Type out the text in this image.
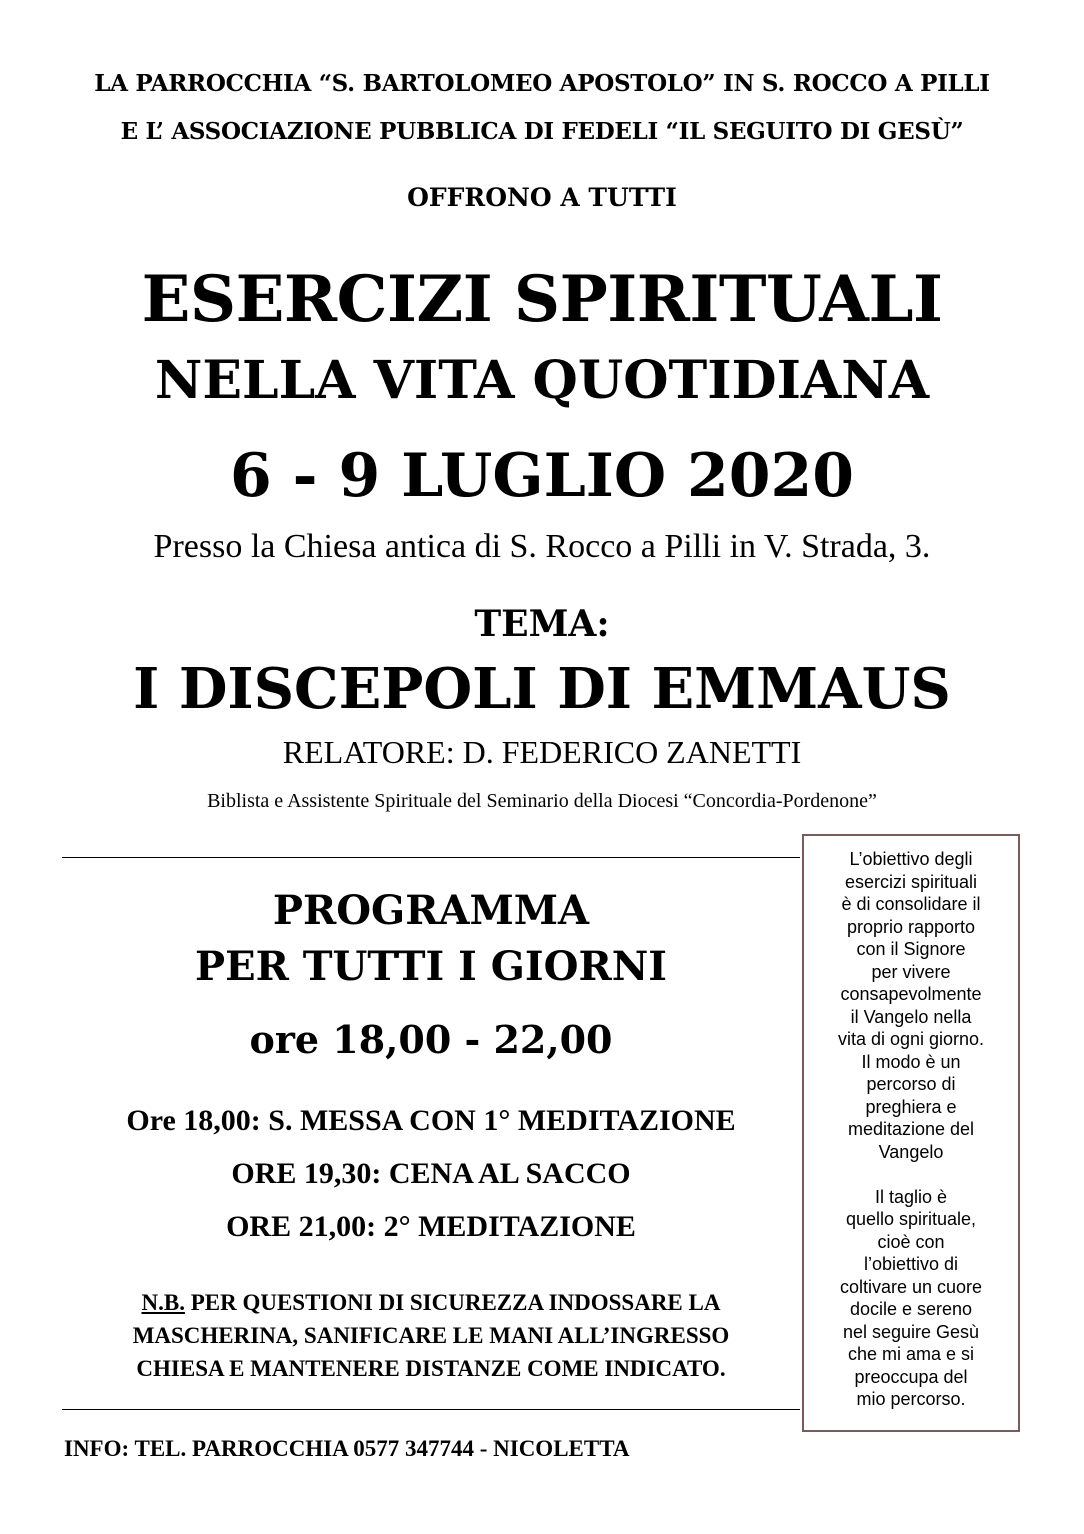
LA PARROCCHIA “S. BARTOLOMEO APOSTOLO” IN S. ROCCO A PILLI
E L’ ASSOCIAZIONE PUBBLICA DI FEDELI “IL SEGUITO DI GESÙ”
OFFRONO A TUTTI
ESERCIZI SPIRITUALI
NELLA VITA QUOTIDIANA
6 - 9 LUGLIO 2020
Presso la Chiesa antica di S. Rocco a Pilli in V. Strada, 3.
TEMA:
I DISCEPOLI DI EMMAUS
RELATORE: D. FEDERICO ZANETTI
Biblista e Assistente Spirituale del Seminario della Diocesi “Concordia-Pordenone”
PROGRAMMA
PER TUTTI I GIORNI
ore 18,00 - 22,00
Ore 18,00: S. MESSA CON 1° MEDITAZIONE
ORE 19,30: CENA AL SACCO
ORE 21,00: 2° MEDITAZIONE
N.B. PER QUESTIONI DI SICUREZZA INDOSSARE LA
MASCHERINA, SANIFICARE LE MANI ALL’INGRESSO
CHIESA E MANTENERE DISTANZE COME INDICATO.
INFO: TEL. PARROCCHIA 0577 347744 - NICOLETTA
L’obiettivo degli
esercizi spirituali
è di consolidare il
proprio rapporto
con il Signore
per vivere
consapevolmente
il Vangelo nella
vita di ogni giorno.
Il modo è un
percorso di
preghiera e
meditazione del
Vangelo

Il taglio è
quello spirituale,
cioè con
l’obiettivo di
coltivare un cuore
docile e sereno
nel seguire Gesù
che mi ama e si
preoccupa del
mio percorso.
